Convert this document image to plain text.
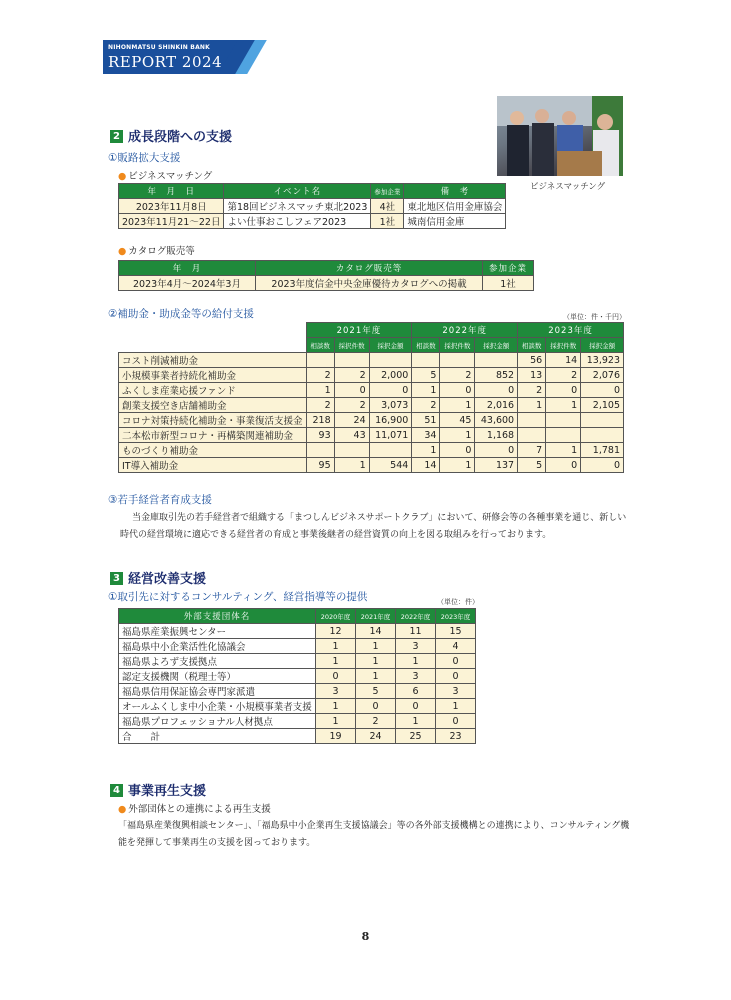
NIHONMATSU SHINKIN BANK
REPORT 2024
ビジネスマッチング
2 成長段階への支援
①販路拡大支援
● ビジネスマッチング
年　月　日	イベント名	参加企業	備　考
2023年11月8日	第18回ビジネスマッチ東北2023	4社	東北地区信用金庫協会
2023年11月21〜22日	よい仕事おこしフェア2023	1社	城南信用金庫
● カタログ販売等
年　月	カタログ販売等	参加企業
2023年4月〜2024年3月	2023年度信金中央金庫優待カタログへの掲載	1社
②補助金・助成金等の給付支援	（単位：件・千円）
	2021年度			2022年度			2023年度		
	相談数	採択件数	採択金額	相談数	採択件数	採択金額	相談数	採択件数	採択金額
コスト削減補助金							56	14	13,923
小規模事業者持続化補助金	2	2	2,000	5	2	852	13	2	2,076
ふくしま産業応援ファンド	1	0	0	1	0	0	2	0	0
創業支援空き店舗補助金	2	2	3,073	2	1	2,016	1	1	2,105
コロナ対策持続化補助金・事業復活支援金	218	24	16,900	51	45	43,600			
二本松市新型コロナ・再構築関連補助金	93	43	11,071	34	1	1,168			
ものづくり補助金				1	0	0	7	1	1,781
IT導入補助金	95	1	544	14	1	137	5	0	0
③若手経営者育成支援
当金庫取引先の若手経営者で組織する「まつしんビジネスサポートクラブ」において、研修会等の各種事業を通じ、新しい時代の経営環境に適応できる経営者の育成と事業後継者の経営資質の向上を図る取組みを行っております。
3 経営改善支援
①取引先に対するコンサルティング、経営指導等の提供	（単位：件）
外部支援団体名	2020年度	2021年度	2022年度	2023年度
福島県産業振興センター	12	14	11	15
福島県中小企業活性化協議会	1	1	3	4
福島県よろず支援拠点	1	1	1	0
認定支援機関（税理士等）	0	1	3	0
福島県信用保証協会専門家派遣	3	5	6	3
オールふくしま中小企業・小規模事業者支援	1	0	0	1
福島県プロフェッショナル人材拠点	1	2	1	0
合　　計	19	24	25	23
4 事業再生支援
● 外部団体との連携による再生支援
「福島県産業復興相談センター」、「福島県中小企業再生支援協議会」等の各外部支援機構との連携により、コンサルティング機能を発揮して事業再生の支援を図っております。
8
